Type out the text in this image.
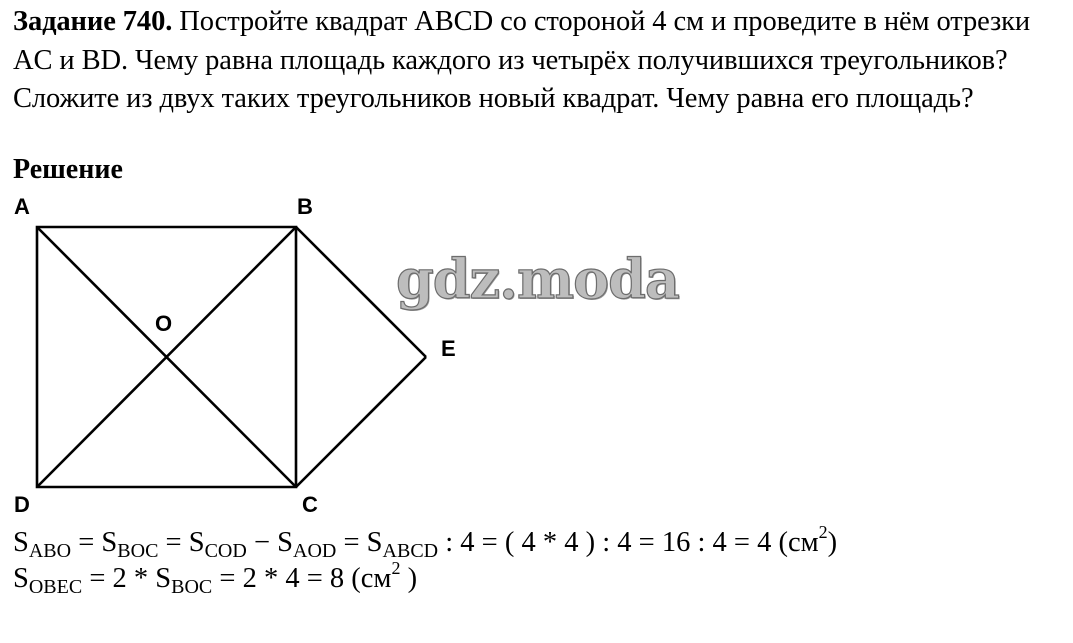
Задание 740. Постройте квадрат ABCD со стороной 4 см и проведите в нём отрезки AC и BD. Чему равна площадь каждого из четырёх получившихся треугольников? Сложите из двух таких треугольников новый квадрат. Чему равна его площадь?
Решение
A	B
O
E
D	C
gdz.moda
$S_{ABO} = S_{BOC} = S_{COD} - S_{AOD} = S_{ABCD}$ : 4 = ( 4 * 4 ) : 4 = 16 : 4 = 4 $(см^2)$
$S_{OBEC} = 2 * S_{BOC} = 2 * 4 = 8$ ($см^2$ )
